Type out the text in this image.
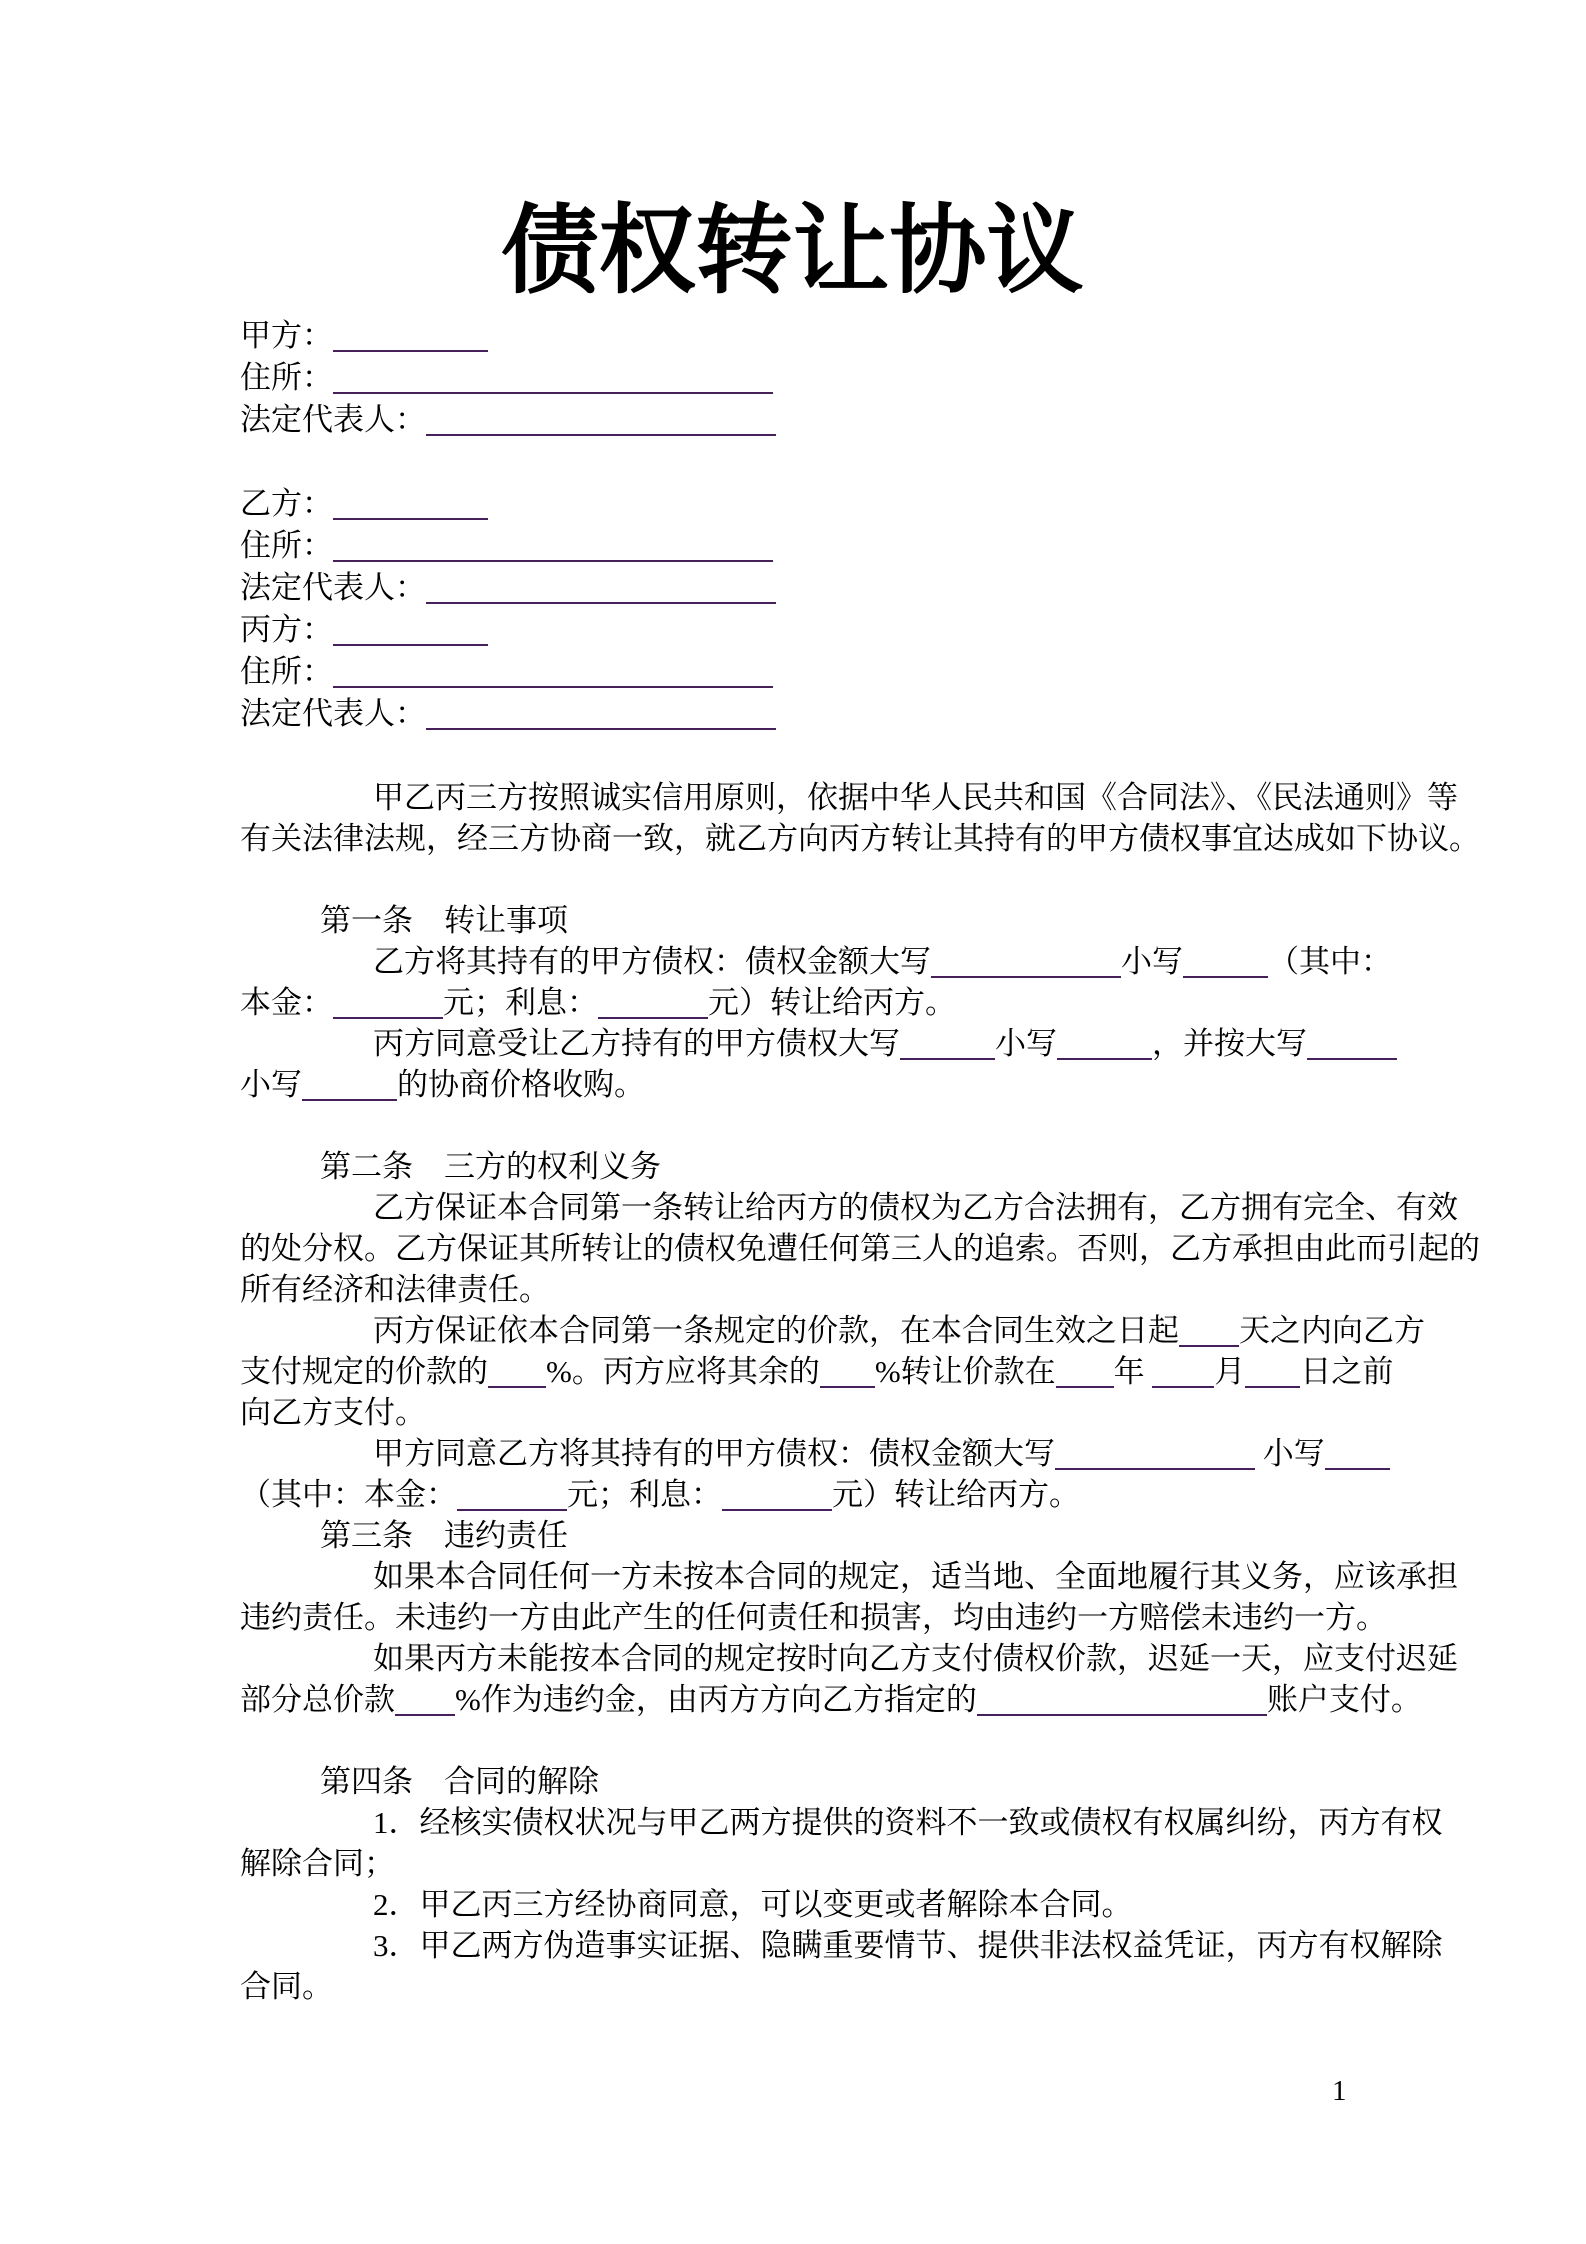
债权转让协议
甲方：
住所：
法定代表人：
乙方：
住所：
法定代表人：
丙方：
住所：
法定代表人：
甲乙丙三方按照诚实信用原则，依据中华人民共和国《合同法》、《民法通则》等
有关法律法规，经三方协商一致，就乙方向丙方转让其持有的甲方债权事宜达成如下协议。
第一条　转让事项
乙方将其持有的甲方债权：债权金额大写	小写	（其中：
本金：	元；利息：	元）转让给丙方。
丙方同意受让乙方持有的甲方债权大写	小写	，并按大写
小写	的协商价格收购。
第二条　三方的权利义务
乙方保证本合同第一条转让给丙方的债权为乙方合法拥有，乙方拥有完全、有效
的处分权。乙方保证其所转让的债权免遭任何第三人的追索。否则，乙方承担由此而引起的
所有经济和法律责任。
丙方保证依本合同第一条规定的价款，在本合同生效之日起 天之内向乙方
支付规定的价款的 %。丙方应将其余的 %转让价款在 年 月 日之前
向乙方支付。
甲方同意乙方将其持有的甲方债权：债权金额大写	小写
（其中：本金：	元；利息：	元）转让给丙方。
第三条　违约责任
如果本合同任何一方未按本合同的规定，适当地、全面地履行其义务，应该承担
违约责任。未违约一方由此产生的任何责任和损害，均由违约一方赔偿未违约一方。
如果丙方未能按本合同的规定按时向乙方支付债权价款，迟延一天，应支付迟延
部分总价款 %作为违约金，由丙方方向乙方指定的	账户支付。
第四条　合同的解除
1．经核实债权状况与甲乙两方提供的资料不一致或债权有权属纠纷，丙方有权
解除合同；
2．甲乙丙三方经协商同意，可以变更或者解除本合同。
3．甲乙两方伪造事实证据、隐瞒重要情节、提供非法权益凭证，丙方有权解除
合同。
1
